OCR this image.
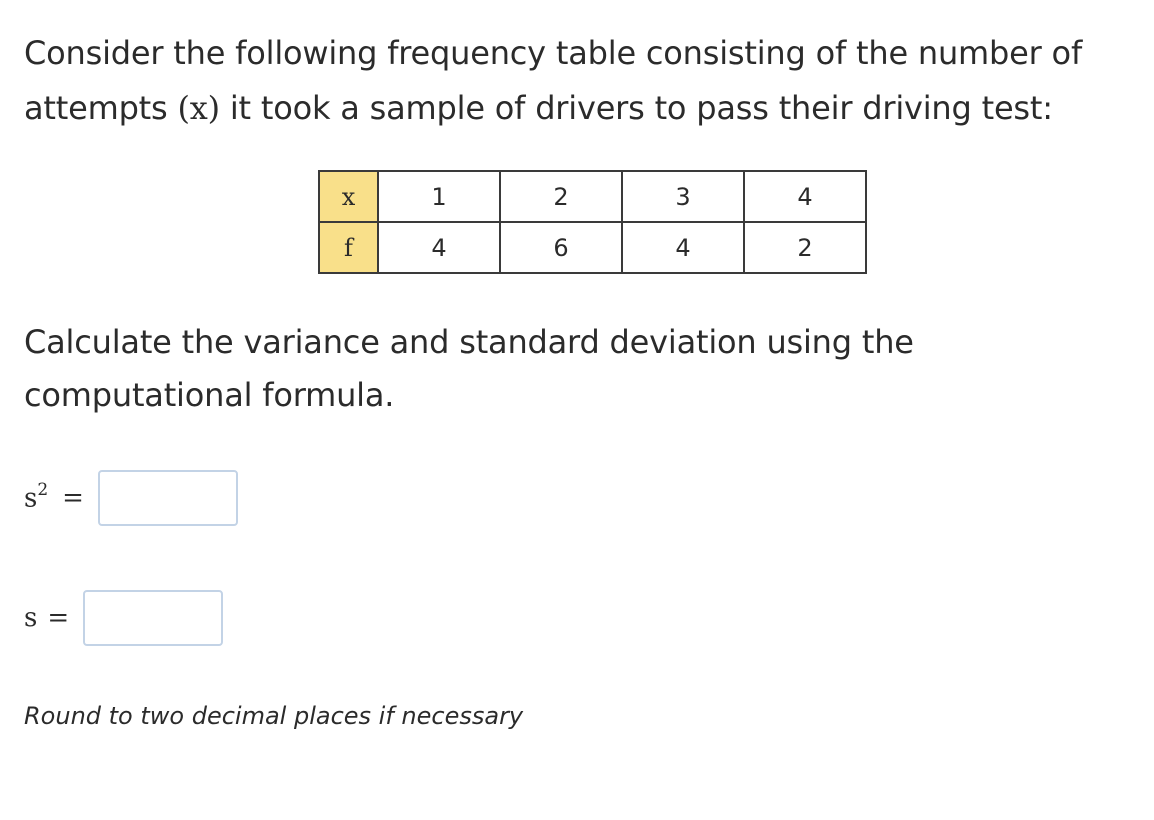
Consider the following frequency table consisting of the number of attempts (x) it took a sample of drivers to pass their driving test:
x	1	2	3	4
f	4	6	4	2
Calculate the variance and standard deviation using the computational formula.
$s^2$ =
s =
Round to two decimal places if necessary
